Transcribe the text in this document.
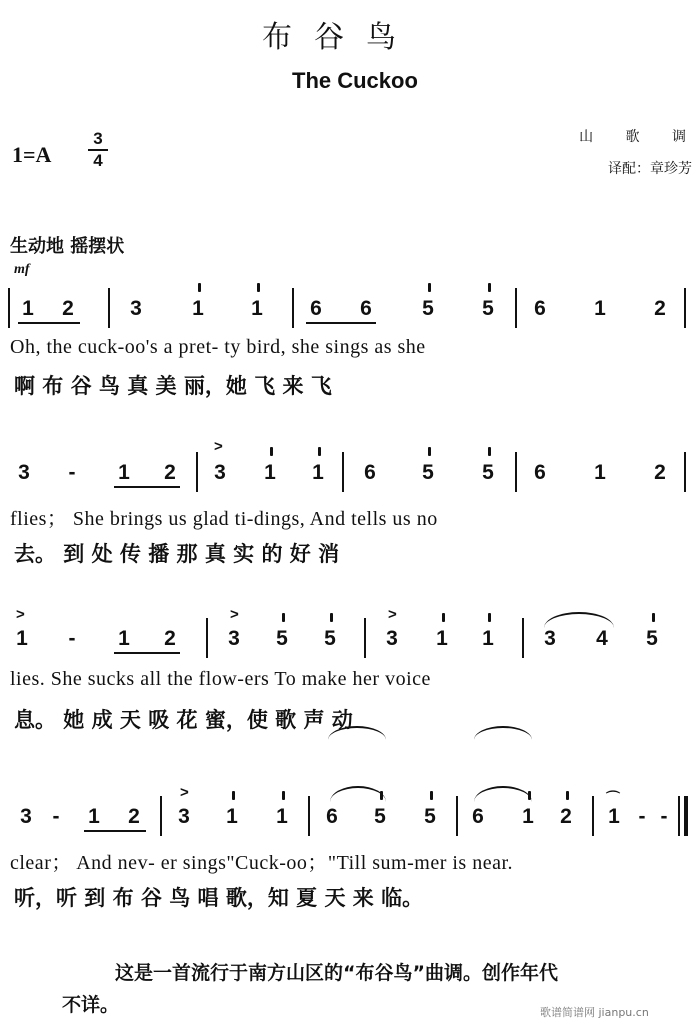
布谷鸟
The Cuckoo
1=A
3
4
山 歌 调
译配：章珍芳
生动地 摇摆状
mf
1 2	3 1 1 6 6 5 5 6 1 2
Oh, the cuck-oo's a pret- ty bird, she sings as she
啊 布 谷 鸟 真 美 丽，她 飞 来 飞
3	-	1 2
>
3 1 1 6 5 5 6 1 2
flies； She brings us glad ti-dings, And tells us no
去。 到 处 传 播 那 真 实 的 好 消
>
1	-	1 2
>
3 5 5
>
3 1 1 3 4 5
lies. She sucks all the flow-ers To make her voice
息。 她 成 天 吸 花 蜜，使 歌 声 动
3 -	1 2
>
3 1 1 6 5 5 6 1 2
⌒
1 - -
clear； And nev- er sings"Cuck-oo；"Till sum-mer is near.
听，听 到 布 谷 鸟 唱 歌，知 夏 天 来 临。
这是一首流行于南方山区的“布谷鸟”曲调。创作年代
不详。	歌谱简谱网 jianpu.cn
